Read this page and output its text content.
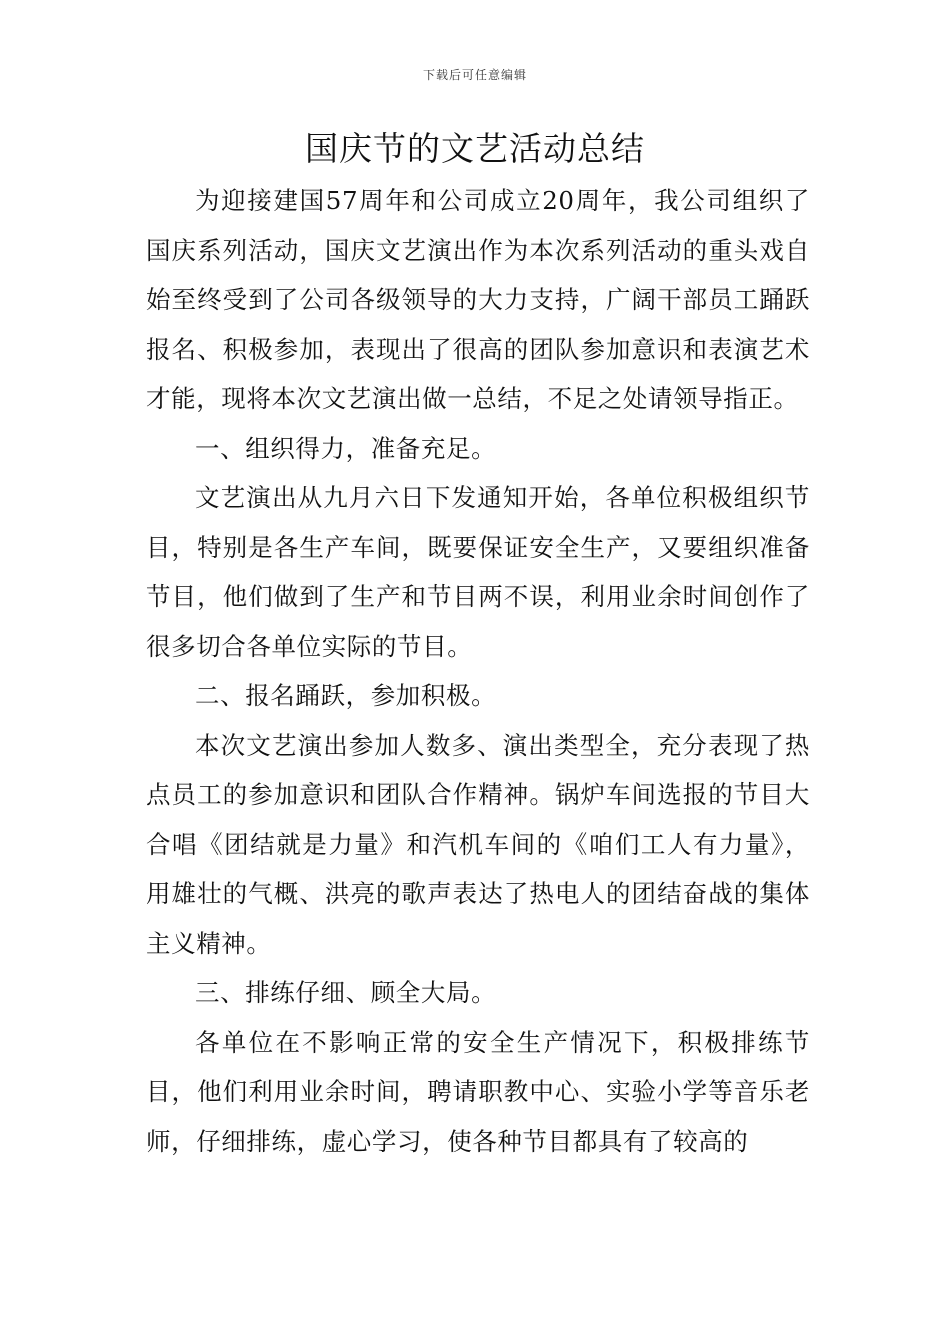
下载后可任意编辑
国庆节的文艺活动总结

为迎接建国57周年和公司成立20周年，我公司组织了国庆系列活动，国庆文艺演出作为本次系列活动的重头戏自始至终受到了公司各级领导的大力支持，广阔干部员工踊跃报名、积极参加，表现出了很高的团队参加意识和表演艺术才能，现将本次文艺演出做一总结，不足之处请领导指正。

一、组织得力，准备充足。

文艺演出从九月六日下发通知开始，各单位积极组织节目，特别是各生产车间，既要保证安全生产，又要组织准备节目，他们做到了生产和节目两不误，利用业余时间创作了很多切合各单位实际的节目。

二、报名踊跃，参加积极。

本次文艺演出参加人数多、演出类型全，充分表现了热点员工的参加意识和团队合作精神。锅炉车间选报的节目大合唱《团结就是力量》和汽机车间的《咱们工人有力量》，用雄壮的气概、洪亮的歌声表达了热电人的团结奋战的集体主义精神。

三、排练仔细、顾全大局。

各单位在不影响正常的安全生产情况下，积极排练节目，他们利用业余时间，聘请职教中心、实验小学等音乐老师，仔细排练，虚心学习，使各种节目都具有了较高的
